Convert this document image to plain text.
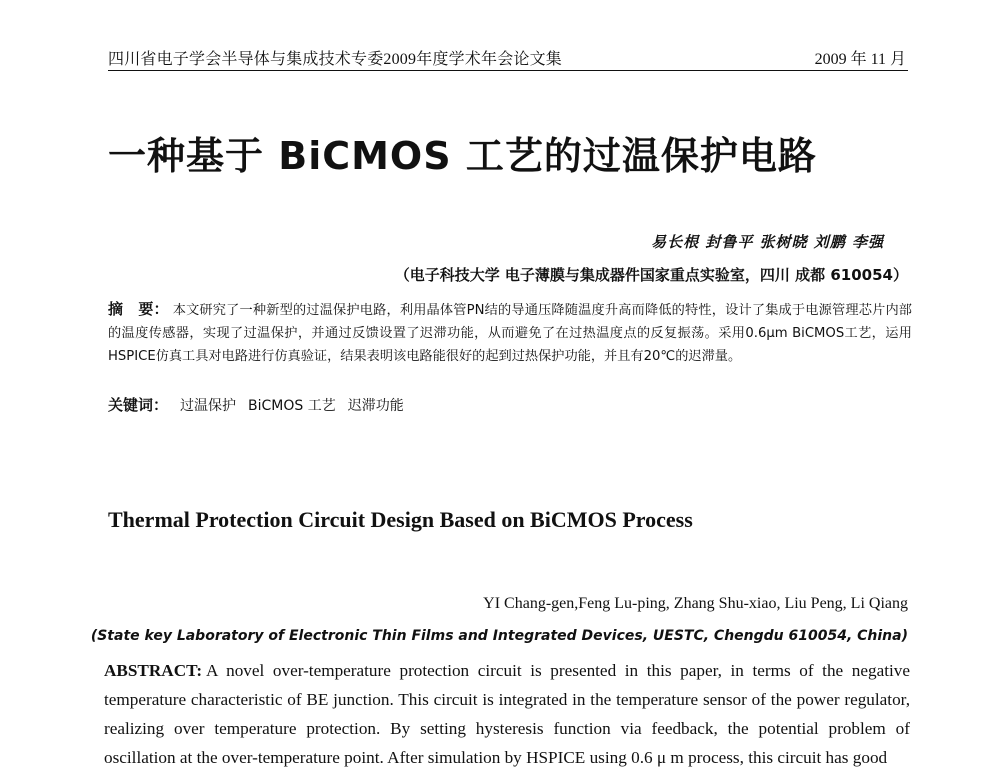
四川省电子学会半导体与集成技术专委2009年度学术年会论文集	2009 年 11 月
一种基于 BiCMOS 工艺的过温保护电路
易长根 封鲁平 张树晓 刘鹏 李强
（电子科技大学 电子薄膜与集成器件国家重点实验室，四川 成都 610054）
摘　要： 本文研究了一种新型的过温保护电路，利用晶体管PN结的导通压降随温度升高而降低的特性，设计了集成于电源管理芯片内部的温度传感器，实现了过温保护，并通过反馈设置了迟滞功能，从而避免了在过热温度点的反复振荡。采用0.6μm BiCMOS工艺，运用HSPICE仿真工具对电路进行仿真验证，结果表明该电路能很好的起到过热保护功能，并且有20℃的迟滞量。
关键词： 过温保护 BiCMOS 工艺 迟滞功能
Thermal Protection Circuit Design Based on BiCMOS Process
YI Chang-gen,Feng Lu-ping, Zhang Shu-xiao, Liu Peng, Li Qiang
(State key Laboratory of Electronic Thin Films and Integrated Devices, UESTC, Chengdu 610054, China)
ABSTRACT: A novel over-temperature protection circuit is presented in this paper, in terms of the negative temperature characteristic of BE junction. This circuit is integrated in the temperature sensor of the power regulator, realizing over temperature protection. By setting hysteresis function via feedback, the potential problem of oscillation at the over-temperature point. After simulation by HSPICE using 0.6 μ m process, this circuit has good
